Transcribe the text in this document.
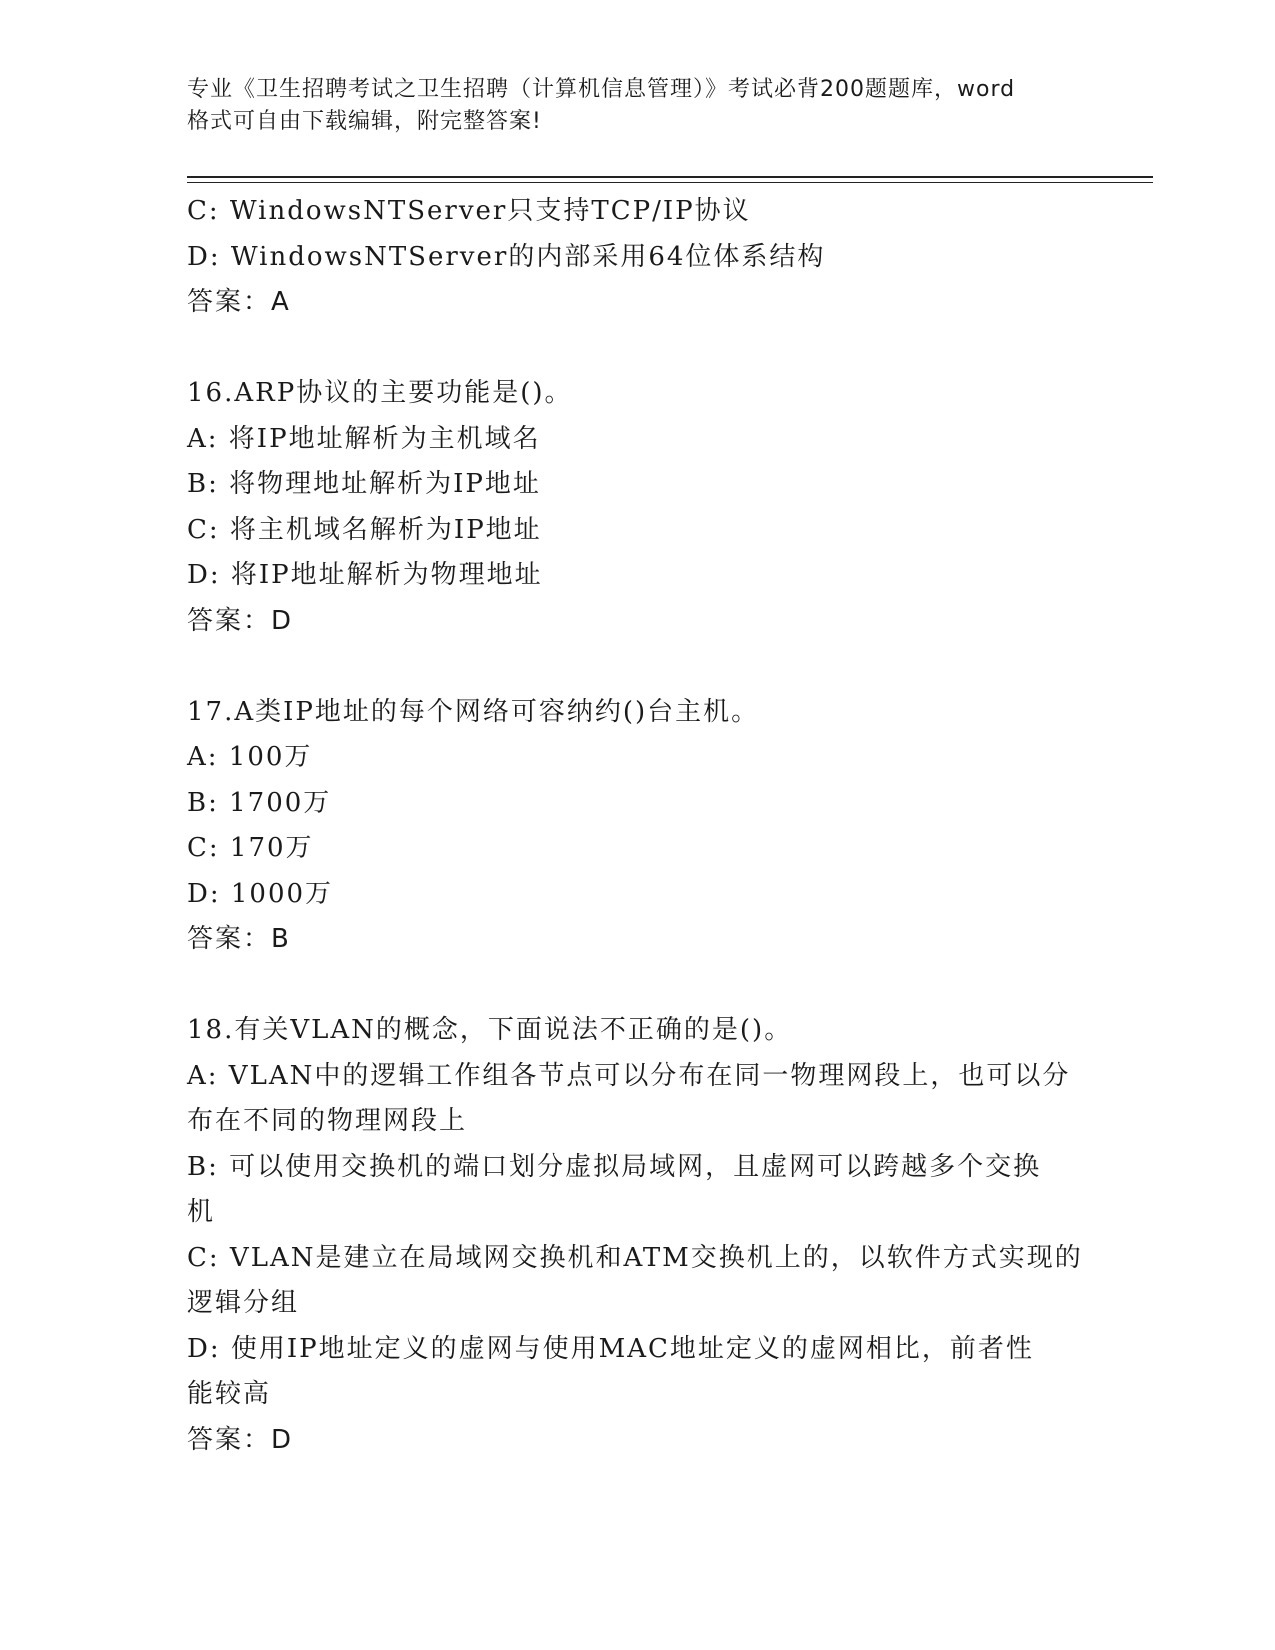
专业《卫生招聘考试之卫生招聘（计算机信息管理）》考试必背200题题库，word
格式可自由下载编辑，附完整答案!
C: WindowsNTServer只支持TCP/IP协议
D: WindowsNTServer的内部采用64位体系结构
答案：A
16.ARP协议的主要功能是()。
A: 将IP地址解析为主机域名
B: 将物理地址解析为IP地址
C: 将主机域名解析为IP地址
D: 将IP地址解析为物理地址
答案：D
17.A类IP地址的每个网络可容纳约()台主机。
A: 100万
B: 1700万
C: 170万
D: 1000万
答案：B
18.有关VLAN的概念，下面说法不正确的是()。
A: VLAN中的逻辑工作组各节点可以分布在同一物理网段上，也可以分
布在不同的物理网段上
B: 可以使用交换机的端口划分虚拟局域网，且虚网可以跨越多个交换
机
C: VLAN是建立在局域网交换机和ATM交换机上的，以软件方式实现的
逻辑分组
D: 使用IP地址定义的虚网与使用MAC地址定义的虚网相比，前者性
能较高
答案：D
